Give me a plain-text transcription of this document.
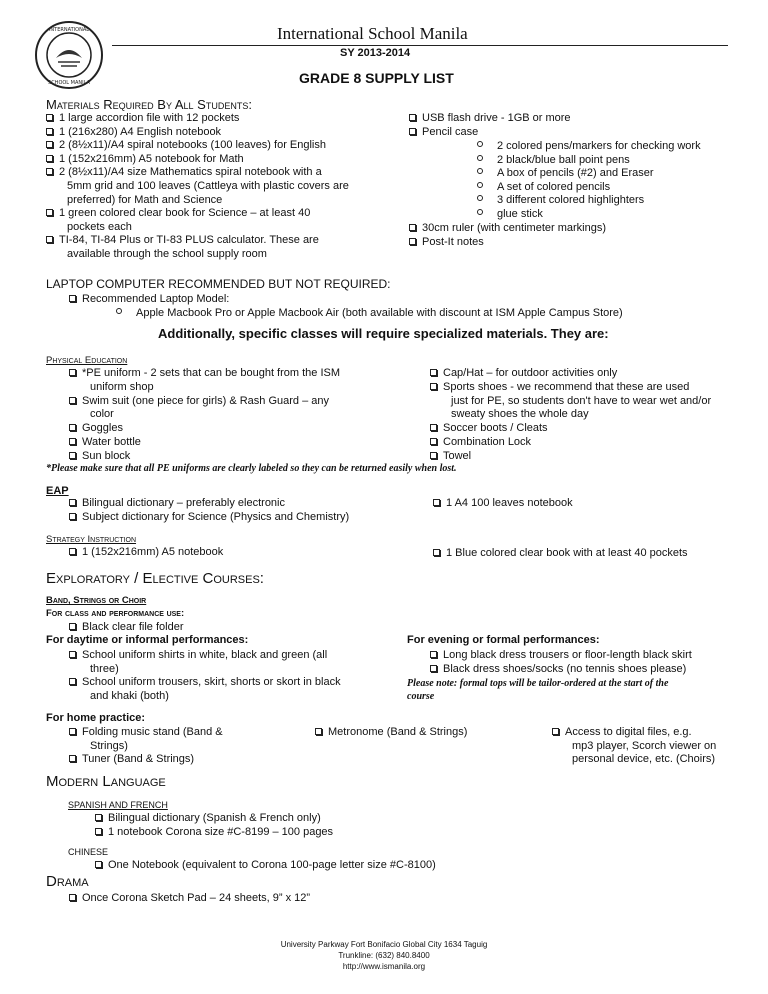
INTERNATIONAL
SCHOOL MANILA
International School Manila
SY 2013-2014
GRADE 8 SUPPLY LIST
Materials Required By All Students:
1 large accordion file with 12 pockets
1 (216x280) A4 English notebook
2 (8½x11)/A4 spiral notebooks (100 leaves) for English
1 (152x216mm) A5 notebook for Math
2 (8½x11)/A4 size Mathematics spiral notebook with a
5mm grid and 100 leaves (Cattleya with plastic covers are
preferred) for Math and Science
1 green colored clear book for Science – at least 40
pockets each
TI-84, TI-84 Plus or TI-83 PLUS calculator. These are
available through the school supply room
USB flash drive - 1GB or more
Pencil case
2 colored pens/markers for checking work
2 black/blue ball point pens
A box of pencils (#2) and Eraser
A set of colored pencils
3 different colored highlighters
glue stick
30cm ruler (with centimeter markings)
Post-It notes
LAPTOP COMPUTER RECOMMENDED BUT NOT REQUIRED:
Recommended Laptop Model:
Apple Macbook Pro or Apple Macbook Air (both available with discount at ISM Apple Campus Store)
Additionally, specific classes will require specialized materials. They are:
Physical Education
*PE uniform - 2 sets that can be bought from the ISM
uniform shop
Swim suit (one piece for girls) & Rash Guard – any
color
Goggles
Water bottle
Sun block
Cap/Hat – for outdoor activities only
Sports shoes - we recommend that these are used
just for PE, so students don't have to wear wet and/or
sweaty shoes the whole day
Soccer boots / Cleats
Combination Lock
Towel
*Please make sure that all PE uniforms are clearly labeled so they can be returned easily when lost.
EAP
Bilingual dictionary – preferably electronic
Subject dictionary for Science (Physics and Chemistry)
1 A4 100 leaves notebook
Strategy Instruction
1 (152x216mm) A5 notebook	1 Blue colored clear book with at least 40 pockets
Exploratory / Elective Courses:
Band, Strings or Choir
For class and performance use:
Black clear file folder
For daytime or informal performances:
School uniform shirts in white, black and green (all
three)
School uniform trousers, skirt, shorts or skort in black
and khaki (both)
For evening or formal performances:
Long black dress trousers or floor-length black skirt
Black dress shoes/socks (no tennis shoes please)
Please note: formal tops will be tailor-ordered at the start of the
course
For home practice:
Folding music stand (Band &
Strings)
Tuner (Band & Strings)
Metronome (Band & Strings)	Access to digital files, e.g.
mp3 player, Scorch viewer on
personal device, etc. (Choirs)
Modern Language
SPANISH AND FRENCH
Bilingual dictionary (Spanish & French only)
1 notebook Corona size #C-8199 – 100 pages
CHINESE
One Notebook (equivalent to Corona 100-page letter size #C-8100)
Drama
Once Corona Sketch Pad – 24 sheets, 9” x 12”
University Parkway Fort Bonifacio Global City 1634 Taguig
Trunkline: (632) 840.8400
http://www.ismanila.org
